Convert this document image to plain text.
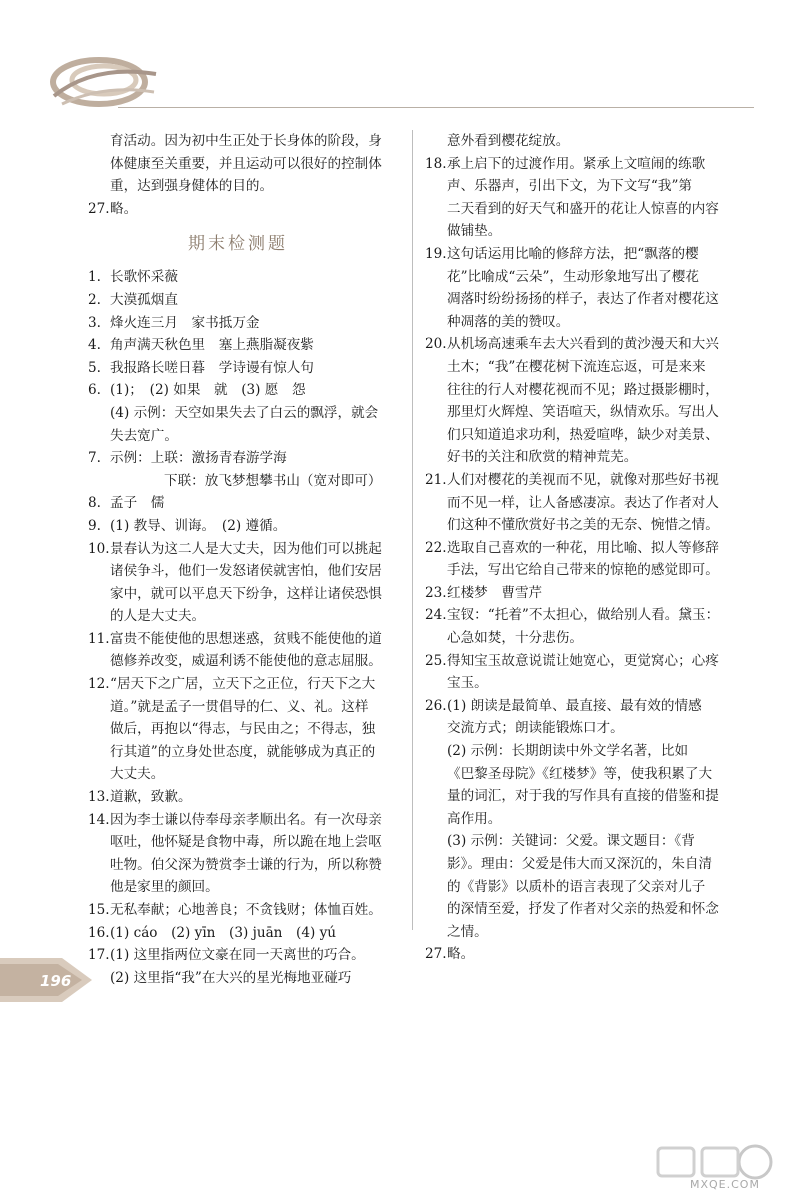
育活动。因为初中生正处于长身体的阶段，身
体健康至关重要，并且运动可以很好的控制体
重，达到强身健体的目的。
27. 略。
期末检测题
1. 长歌怀采薇
2. 大漠孤烟直
3. 烽火连三月　家书抵万金
4. 角声满天秋色里　塞上燕脂凝夜紫
5. 我报路长嗟日暮　学诗谩有惊人句
6. (1)；　(2) 如果　就　(3) 愿　怨
(4) 示例：天空如果失去了白云的飘浮，就会
失去宽广。
7. 示例：上联：激扬青春游学海
下联：放飞梦想攀书山（宽对即可）
8. 孟子　儒
9. (1) 教导、训诲。　(2) 遵循。
10. 景春认为这二人是大丈夫，因为他们可以挑起
诸侯争斗，他们一发怒诸侯就害怕，他们安居
家中，就可以平息天下纷争，这样让诸侯恐惧
的人是大丈夫。
11. 富贵不能使他的思想迷惑，贫贱不能使他的道
德修养改变，威逼利诱不能使他的意志屈服。
12. “居天下之广居，立天下之正位，行天下之大
道。”就是孟子一贯倡导的仁、义、礼。这样
做后，再抱以“得志，与民由之；不得志，独
行其道”的立身处世态度，就能够成为真正的
大丈夫。
13. 道歉，致歉。
14. 因为李士谦以侍奉母亲孝顺出名。有一次母亲
呕吐，他怀疑是食物中毒，所以跪在地上尝呕
吐物。伯父深为赞赏李士谦的行为，所以称赞
他是家里的颜回。
15. 无私奉献；心地善良；不贪钱财；体恤百姓。
16. (1) cáo　(2) yīn　(3) juān　(4) yú
17. (1) 这里指两位文豪在同一天离世的巧合。
(2) 这里指“我”在大兴的星光梅地亚碰巧
意外看到樱花绽放。
18. 承上启下的过渡作用。紧承上文喧闹的练歌
声、乐器声，引出下文，为下文写“我”第
二天看到的好天气和盛开的花让人惊喜的内容
做铺垫。
19. 这句话运用比喻的修辞方法，把“飘落的樱
花”比喻成“云朵”，生动形象地写出了樱花
凋落时纷纷扬扬的样子，表达了作者对樱花这
种凋落的美的赞叹。
20. 从机场高速乘车去大兴看到的黄沙漫天和大兴
土木；“我”在樱花树下流连忘返，可是来来
往往的行人对樱花视而不见；路过摄影棚时，
那里灯火辉煌、笑语喧天，纵情欢乐。写出人
们只知道追求功利，热爱喧哗，缺少对美景、
好书的关注和欣赏的精神荒芜。
21. 人们对樱花的美视而不见，就像对那些好书视
而不见一样，让人备感凄凉。表达了作者对人
们这种不懂欣赏好书之美的无奈、惋惜之情。
22. 选取自己喜欢的一种花，用比喻、拟人等修辞
手法，写出它给自己带来的惊艳的感觉即可。
23. 红楼梦　曹雪芹
24. 宝钗：“托着”不太担心，做给别人看。黛玉：
心急如焚，十分悲伤。
25. 得知宝玉故意说谎让她宽心，更觉窝心；心疼
宝玉。
26. (1) 朗读是最简单、最直接、最有效的情感
交流方式；朗读能锻炼口才。
(2) 示例：长期朗读中外文学名著，比如
《巴黎圣母院》《红楼梦》等，使我积累了大
量的词汇，对于我的写作具有直接的借鉴和提
高作用。
(3) 示例：关键词：父爱。课文题目：《背
影》。理由：父爱是伟大而又深沉的，朱自清
的《背影》以质朴的语言表现了父亲对儿子
的深情至爱，抒发了作者对父亲的热爱和怀念
之情。
27. 略。
196
MXQE.COM
